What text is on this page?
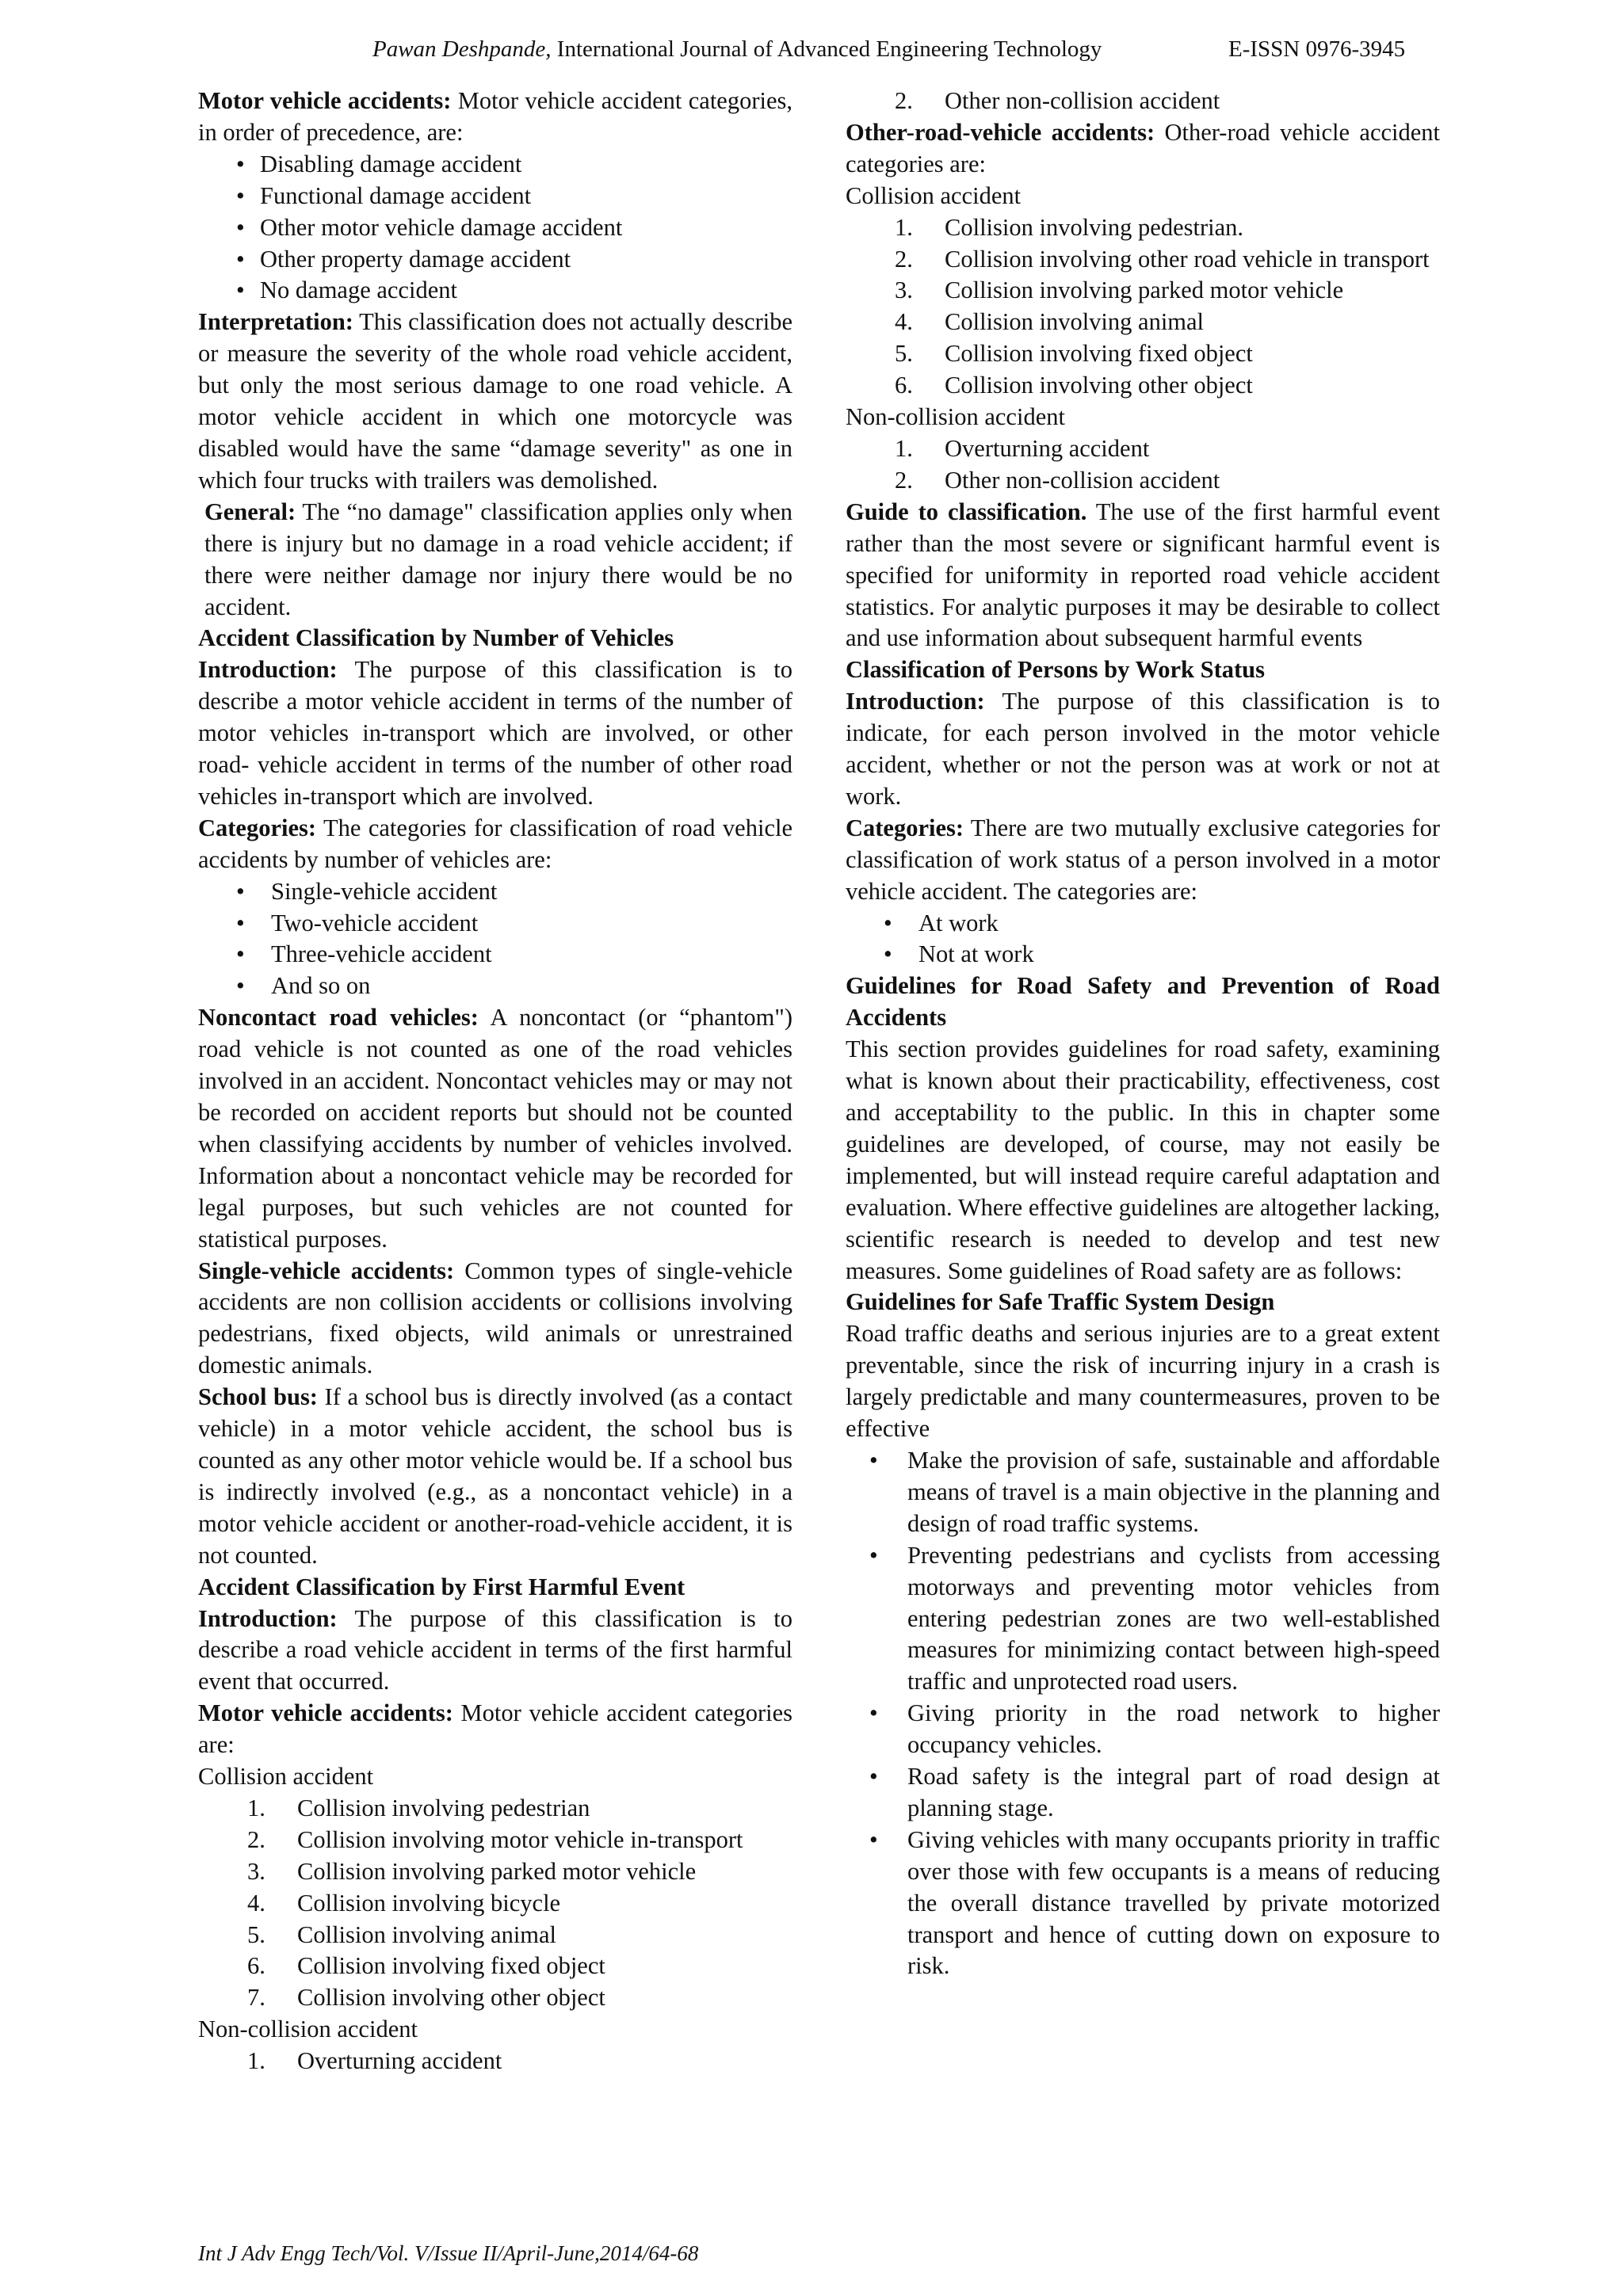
Pawan Deshpande, International Journal of Advanced Engineering Technology	E-ISSN 0976-3945

Motor vehicle accidents: Motor vehicle accident categories, in order of precedence, are:

• Disabling damage accident
• Functional damage accident
• Other motor vehicle damage accident
• Other property damage accident
• No damage accident

Interpretation: This classification does not actually describe or measure the severity of the whole road vehicle accident, but only the most serious damage to one road vehicle. A motor vehicle accident in which one motorcycle was disabled would have the same “damage severity" as one in which four trucks with trailers was demolished.

General: The “no damage" classification applies only when there is injury but no damage in a road vehicle accident; if there were neither damage nor injury there would be no accident.

Accident Classification by Number of Vehicles

Introduction: The purpose of this classification is to describe a motor vehicle accident in terms of the number of motor vehicles in-transport which are involved, or other road- vehicle accident in terms of the number of other road vehicles in-transport which are involved.

Categories: The categories for classification of road vehicle accidents by number of vehicles are:

• Single-vehicle accident
• Two-vehicle accident
• Three-vehicle accident
• And so on

Noncontact road vehicles: A noncontact (or “phantom") road vehicle is not counted as one of the road vehicles involved in an accident. Noncontact vehicles may or may not be recorded on accident reports but should not be counted when classifying accidents by number of vehicles involved. Information about a noncontact vehicle may be recorded for legal purposes, but such vehicles are not counted for statistical purposes.

Single-vehicle accidents: Common types of single-vehicle accidents are non collision accidents or collisions involving pedestrians, fixed objects, wild animals or unrestrained domestic animals.

School bus: If a school bus is directly involved (as a contact vehicle) in a motor vehicle accident, the school bus is counted as any other motor vehicle would be. If a school bus is indirectly involved (e.g., as a noncontact vehicle) in a motor vehicle accident or another-road-vehicle accident, it is not counted.

Accident Classification by First Harmful Event

Introduction: The purpose of this classification is to describe a road vehicle accident in terms of the first harmful event that occurred.

Motor vehicle accidents: Motor vehicle accident categories are:

Collision accident

1. Collision involving pedestrian
2. Collision involving motor vehicle in-transport
3. Collision involving parked motor vehicle
4. Collision involving bicycle
5. Collision involving animal
6. Collision involving fixed object
7. Collision involving other object

Non-collision accident

1. Overturning accident
2. Other non-collision accident

Other-road-vehicle accidents: Other-road vehicle accident categories are:

Collision accident

1. Collision involving pedestrian.
2. Collision involving other road vehicle in transport
3. Collision involving parked motor vehicle
4. Collision involving animal
5. Collision involving fixed object
6. Collision involving other object

Non-collision accident

1. Overturning accident
2. Other non-collision accident

Guide to classification. The use of the first harmful event rather than the most severe or significant harmful event is specified for uniformity in reported road vehicle accident statistics. For analytic purposes it may be desirable to collect and use information about subsequent harmful events

Classification of Persons by Work Status

Introduction: The purpose of this classification is to indicate, for each person involved in the motor vehicle accident, whether or not the person was at work or not at work.

Categories: There are two mutually exclusive categories for classification of work status of a person involved in a motor vehicle accident. The categories are:

• At work
• Not at work

Guidelines for Road Safety and Prevention of Road Accidents

This section provides guidelines for road safety, examining what is known about their practicability, effectiveness, cost and acceptability to the public. In this in chapter some guidelines are developed, of course, may not easily be implemented, but will instead require careful adaptation and evaluation. Where effective guidelines are altogether lacking, scientific research is needed to develop and test new measures. Some guidelines of Road safety are as follows:

Guidelines for Safe Traffic System Design

Road traffic deaths and serious injuries are to a great extent preventable, since the risk of incurring injury in a crash is largely predictable and many countermeasures, proven to be effective

• Make the provision of safe, sustainable and affordable means of travel is a main objective in the planning and design of road traffic systems.
• Preventing pedestrians and cyclists from accessing motorways and preventing motor vehicles from entering pedestrian zones are two well-established measures for minimizing contact between high-speed traffic and unprotected road users.
• Giving priority in the road network to higher occupancy vehicles.
• Road safety is the integral part of road design at planning stage.
• Giving vehicles with many occupants priority in traffic over those with few occupants is a means of reducing the overall distance travelled by private motorized transport and hence of cutting down on exposure to risk.
Int J Adv Engg Tech/Vol. V/Issue II/April-June,2014/64-68
